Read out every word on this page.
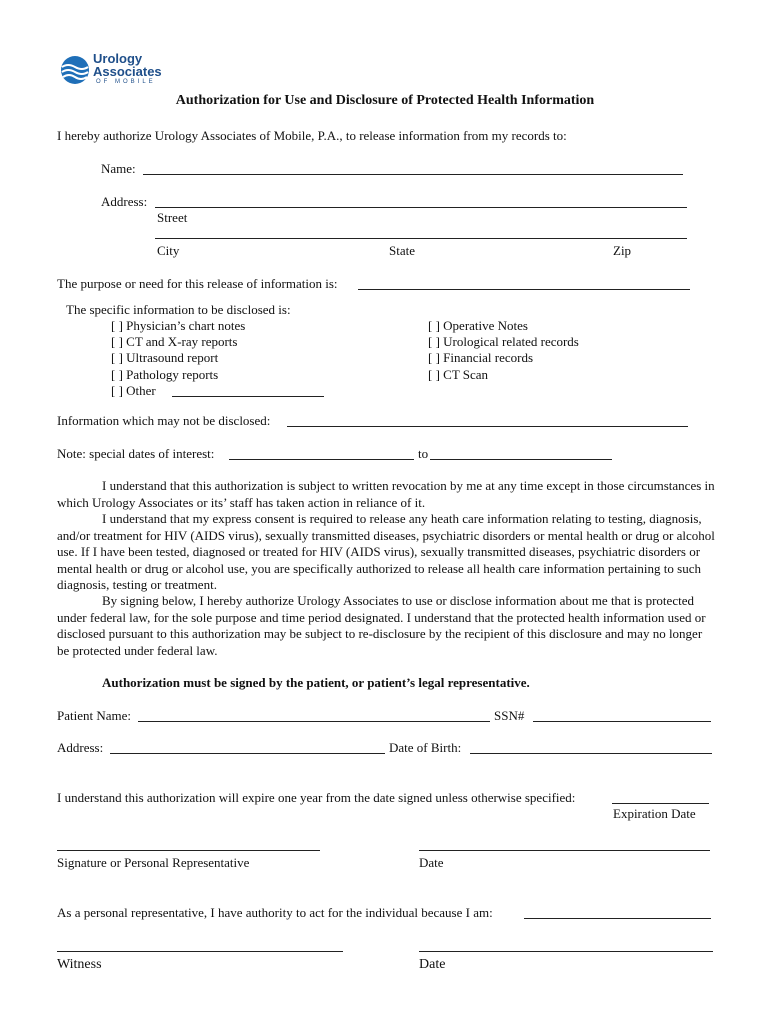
Urology
Associates
OF MOBILE
Authorization for Use and Disclosure of Protected Health Information
I hereby authorize Urology Associates of Mobile, P.A., to release information from my records to:
Name:
Address:
Street
City	State	Zip
The purpose or need for this release of information is:
The specific information to be disclosed is:
[ ] Physician’s chart notes
[ ] CT and X-ray reports
[ ] Ultrasound report
[ ] Pathology reports
[ ] Other
[ ] Operative Notes
[ ] Urological related records
[ ] Financial records
[ ] CT Scan
Information which may not be disclosed:
Note: special dates of interest:	to

I understand that this authorization is subject to written revocation by me at any time except in those circumstances in which Urology Associates or its’ staff has taken action in reliance of it.

I understand that my express consent is required to release any heath care information relating to testing, diagnosis, and/or treatment for HIV (AIDS virus), sexually transmitted diseases, psychiatric disorders or mental health or drug or alcohol use. If I have been tested, diagnosed or treated for HIV (AIDS virus), sexually transmitted diseases, psychiatric disorders or mental health or drug or alcohol use, you are specifically authorized to release all health care information pertaining to such diagnosis, testing or treatment.

By signing below, I hereby authorize Urology Associates to use or disclose information about me that is protected under federal law, for the sole purpose and time period designated. I understand that the protected health information used or disclosed pursuant to this authorization may be subject to re-disclosure by the recipient of this disclosure and may no longer be protected under federal law.

Authorization must be signed by the patient, or patient’s legal representative.
Patient Name:	SSN#
Address:	Date of Birth:
I understand this authorization will expire one year from the date signed unless otherwise specified:
Expiration Date
Signature or Personal Representative	Date
As a personal representative, I have authority to act for the individual because I am:
Witness	Date
